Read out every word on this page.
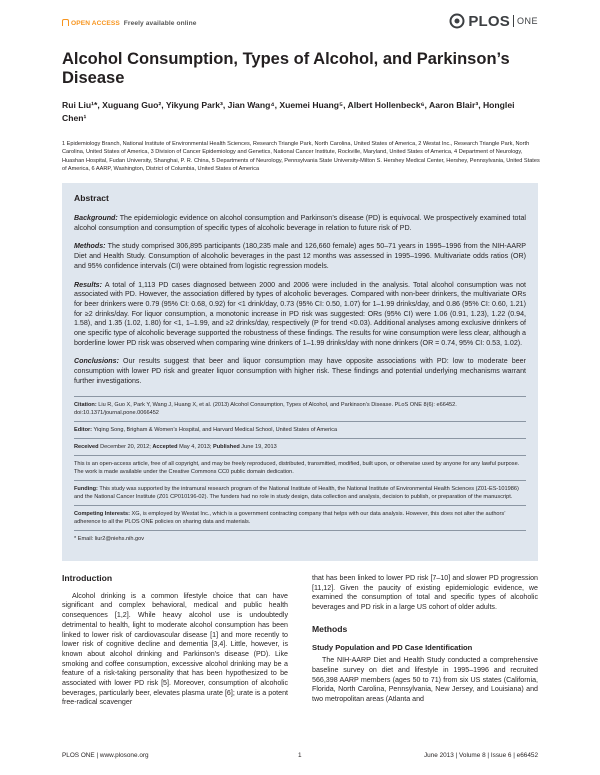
OPEN ACCESS Freely available online	PLOS ONE
Alcohol Consumption, Types of Alcohol, and Parkinson’s Disease
Rui Liu¹*, Xuguang Guo², Yikyung Park³, Jian Wang⁴, Xuemei Huang⁵, Albert Hollenbeck⁶, Aaron Blair³, Honglei Chen¹
1 Epidemiology Branch, National Institute of Environmental Health Sciences, Research Triangle Park, North Carolina, United States of America, 2 Westat Inc., Research Triangle Park, North Carolina, United States of America, 3 Division of Cancer Epidemiology and Genetics, National Cancer Institute, Rockville, Maryland, United States of America, 4 Department of Neurology, Huashan Hospital, Fudan University, Shanghai, P. R. China, 5 Departments of Neurology, Pennsylvania State University-Milton S. Hershey Medical Center, Hershey, Pennsylvania, United States of America, 6 AARP, Washington, District of Columbia, United States of America
Abstract

Background: The epidemiologic evidence on alcohol consumption and Parkinson’s disease (PD) is equivocal. We prospectively examined total alcohol consumption and consumption of specific types of alcoholic beverage in relation to future risk of PD.

Methods: The study comprised 306,895 participants (180,235 male and 126,660 female) ages 50–71 years in 1995–1996 from the NIH-AARP Diet and Health Study. Consumption of alcoholic beverages in the past 12 months was assessed in 1995–1996. Multivariate odds ratios (OR) and 95% confidence intervals (CI) were obtained from logistic regression models.

Results: A total of 1,113 PD cases diagnosed between 2000 and 2006 were included in the analysis. Total alcohol consumption was not associated with PD. However, the association differed by types of alcoholic beverages. Compared with non-beer drinkers, the multivariate ORs for beer drinkers were 0.79 (95% CI: 0.68, 0.92) for <1 drink/day, 0.73 (95% CI: 0.50, 1.07) for 1–1.99 drinks/day, and 0.86 (95% CI: 0.60, 1.21) for ≥2 drinks/day. For liquor consumption, a monotonic increase in PD risk was suggested: ORs (95% CI) were 1.06 (0.91, 1.23), 1.22 (0.94, 1.58), and 1.35 (1.02, 1.80) for <1, 1–1.99, and ≥2 drinks/day, respectively (P for trend <0.03). Additional analyses among exclusive drinkers of one specific type of alcoholic beverage supported the robustness of these findings. The results for wine consumption were less clear, although a borderline lower PD risk was observed when comparing wine drinkers of 1–1.99 drinks/day with none drinkers (OR = 0.74, 95% CI: 0.53, 1.02).

Conclusions: Our results suggest that beer and liquor consumption may have opposite associations with PD: low to moderate beer consumption with lower PD risk and greater liquor consumption with higher risk. These findings and potential underlying mechanisms warrant further investigations.

Citation: Liu R, Guo X, Park Y, Wang J, Huang X, et al. (2013) Alcohol Consumption, Types of Alcohol, and Parkinson’s Disease. PLoS ONE 8(6): e66452. doi:10.1371/journal.pone.0066452

Editor: Yiqing Song, Brigham & Women’s Hospital, and Harvard Medical School, United States of America

Received December 20, 2012; Accepted May 4, 2013; Published June 19, 2013

This is an open-access article, free of all copyright, and may be freely reproduced, distributed, transmitted, modified, built upon, or otherwise used by anyone for any lawful purpose. The work is made available under the Creative Commons CC0 public domain dedication.

Funding: This study was supported by the intramural research program of the National Institute of Health, the National Institute of Environmental Health Sciences (Z01-ES-101986) and the National Cancer Institute (Z01 CP010196-02). The funders had no role in study design, data collection and analysis, decision to publish, or preparation of the manuscript.

Competing Interests: XG, is employed by Westat Inc., which is a government contracting company that helps with our data analysis. However, this does not alter the authors’ adherence to all the PLOS ONE policies on sharing data and materials.

* Email: liur2@niehs.nih.gov

Introduction

Alcohol drinking is a common lifestyle choice that can have significant and complex behavioral, medical and public health consequences [1,2]. While heavy alcohol use is undoubtedly detrimental to health, light to moderate alcohol consumption has been linked to lower risk of cardiovascular disease [1] and more recently to lower risk of cognitive decline and dementia [3,4]. Little, however, is known about alcohol drinking and Parkinson’s disease (PD). Like smoking and coffee consumption, excessive alcohol drinking may be a feature of a risk-taking personality that has been hypothesized to be associated with lower PD risk [5]. Moreover, consumption of alcoholic beverages, particularly beer, elevates plasma urate [6]; urate is a potent free-radical scavenger

that has been linked to lower PD risk [7–10] and slower PD progression [11,12]. Given the paucity of existing epidemiologic evidence, we examined the consumption of total and specific types of alcoholic beverages and PD risk in a large US cohort of older adults.

Methods
Study Population and PD Case Identification

The NIH-AARP Diet and Health Study conducted a comprehensive baseline survey on diet and lifestyle in 1995–1996 and recruited 566,398 AARP members (ages 50 to 71) from six US states (California, Florida, North Carolina, Pennsylvania, New Jersey, and Louisiana) and two metropolitan areas (Atlanta and

PLOS ONE | www.plosone.org	1	June 2013 | Volume 8 | Issue 6 | e66452
